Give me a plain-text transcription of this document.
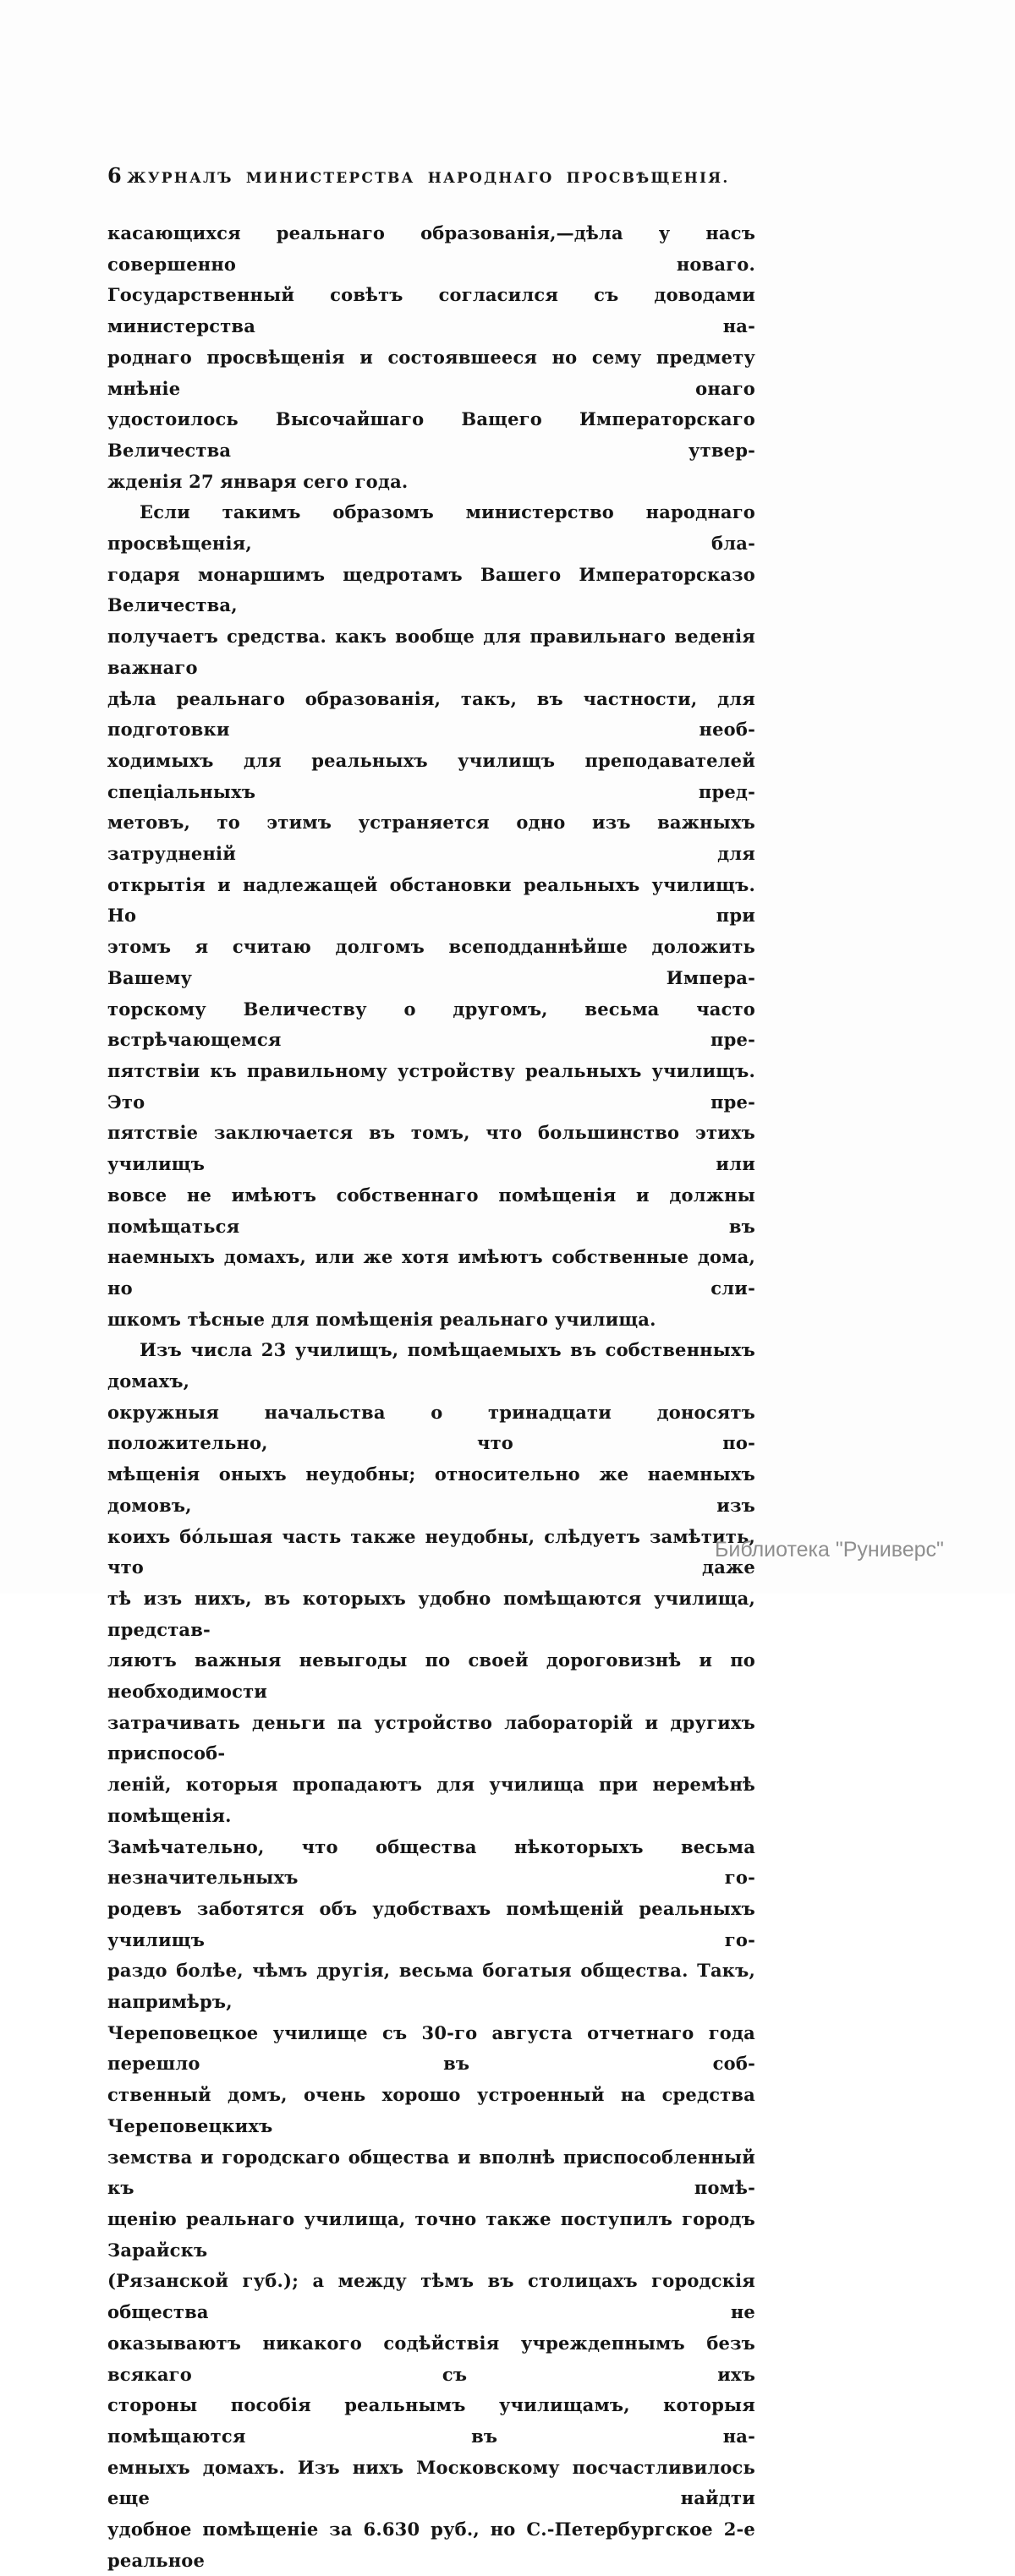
6 ЖУРНАЛЪ МИНИСТЕРСТВА НАРОДНАГО ПРОСВѢЩЕНІЯ.
касающихся реальнаго образованія,—дѣла у насъ совершенно новаго.
Государственный совѣтъ согласился съ доводами министерства на-
роднаго просвѣщенія и состоявшееся но сему предмету мнѣніе онаго
удостоилось Высочайшаго Ващего Императорскаго Величества утвер-
жденія 27 января сего года.
Если такимъ образомъ министерство народнаго просвѣщенія, бла-
годаря монаршимъ щедротамъ Вашего Императорсказо Величества,
получаетъ средства. какъ вообще для правильнаго веденія важнаго
дѣла реальнаго образованія, такъ, въ частности, для подготовки необ-
ходимыхъ для реальныхъ училищъ преподавателей спеціальныхъ пред-
метовъ, то этимъ устраняется одно изъ важныхъ затрудненій для
открытія и надлежащей обстановки реальныхъ училищъ. Но при
этомъ я считаю долгомъ всеподданнѣйше доложить Вашему Импера-
торскому Величеству о другомъ, весьма часто встрѣчающемся пре-
пятствіи къ правильному устройству реальныхъ училищъ. Это пре-
пятствіе заключается въ томъ, что большинство этихъ училищъ или
вовсе не имѣютъ собственнаго помѣщенія и должны помѣщаться въ
наемныхъ домахъ, или же хотя имѣютъ собственные дома, но сли-
шкомъ тѣсные для помѣщенія реальнаго училища.
Изъ числа 23 училищъ, помѣщаемыхъ въ собственныхъ домахъ,
окружныя начальства о тринадцати доносятъ положительно, что по-
мѣщенія оныхъ неудобны; относительно же наемныхъ домовъ, изъ
коихъ бо́льшая часть также неудобны, слѣдуетъ замѣтить, что даже
тѣ изъ нихъ, въ которыхъ удобно помѣщаются училища, представ-
ляютъ важныя невыгоды по своей дороговизнѣ и по необходимости
затрачивать деньги па устройство лабораторій и другихъ приспособ-
леній, которыя пропадаютъ для училища при неремѣнѣ помѣщенія.
Замѣчательно, что общества нѣкоторыхъ весьма незначительныхъ го-
родевъ заботятся объ удобствахъ помѣщеній реальныхъ училищъ го-
раздо болѣе, чѣмъ другія, весьма богатыя общества. Такъ, напримѣръ,
Череповецкое училище съ 30-го августа отчетнаго года перешло въ соб-
ственный домъ, очень хорошо устроенный на средства Череповецкихъ
земства и городскаго общества и вполнѣ приспособленный къ помѣ-
щенію реальнаго училища, точно также поступилъ городъ Зарайскъ
(Рязанской губ.); а между тѣмъ въ столицахъ городскія общества не
оказываютъ никакого содѣйствія учреждепнымъ безъ всякаго съ ихъ
стороны пособія реальнымъ училищамъ, которыя помѣщаются въ на-
емныхъ домахъ. Изъ нихъ Московскому посчастливилось еще найдти
удобное помѣщеніе за 6.630 руб., но С.-Петербургское 2-е реальное
Библиотека "Руниверс"
